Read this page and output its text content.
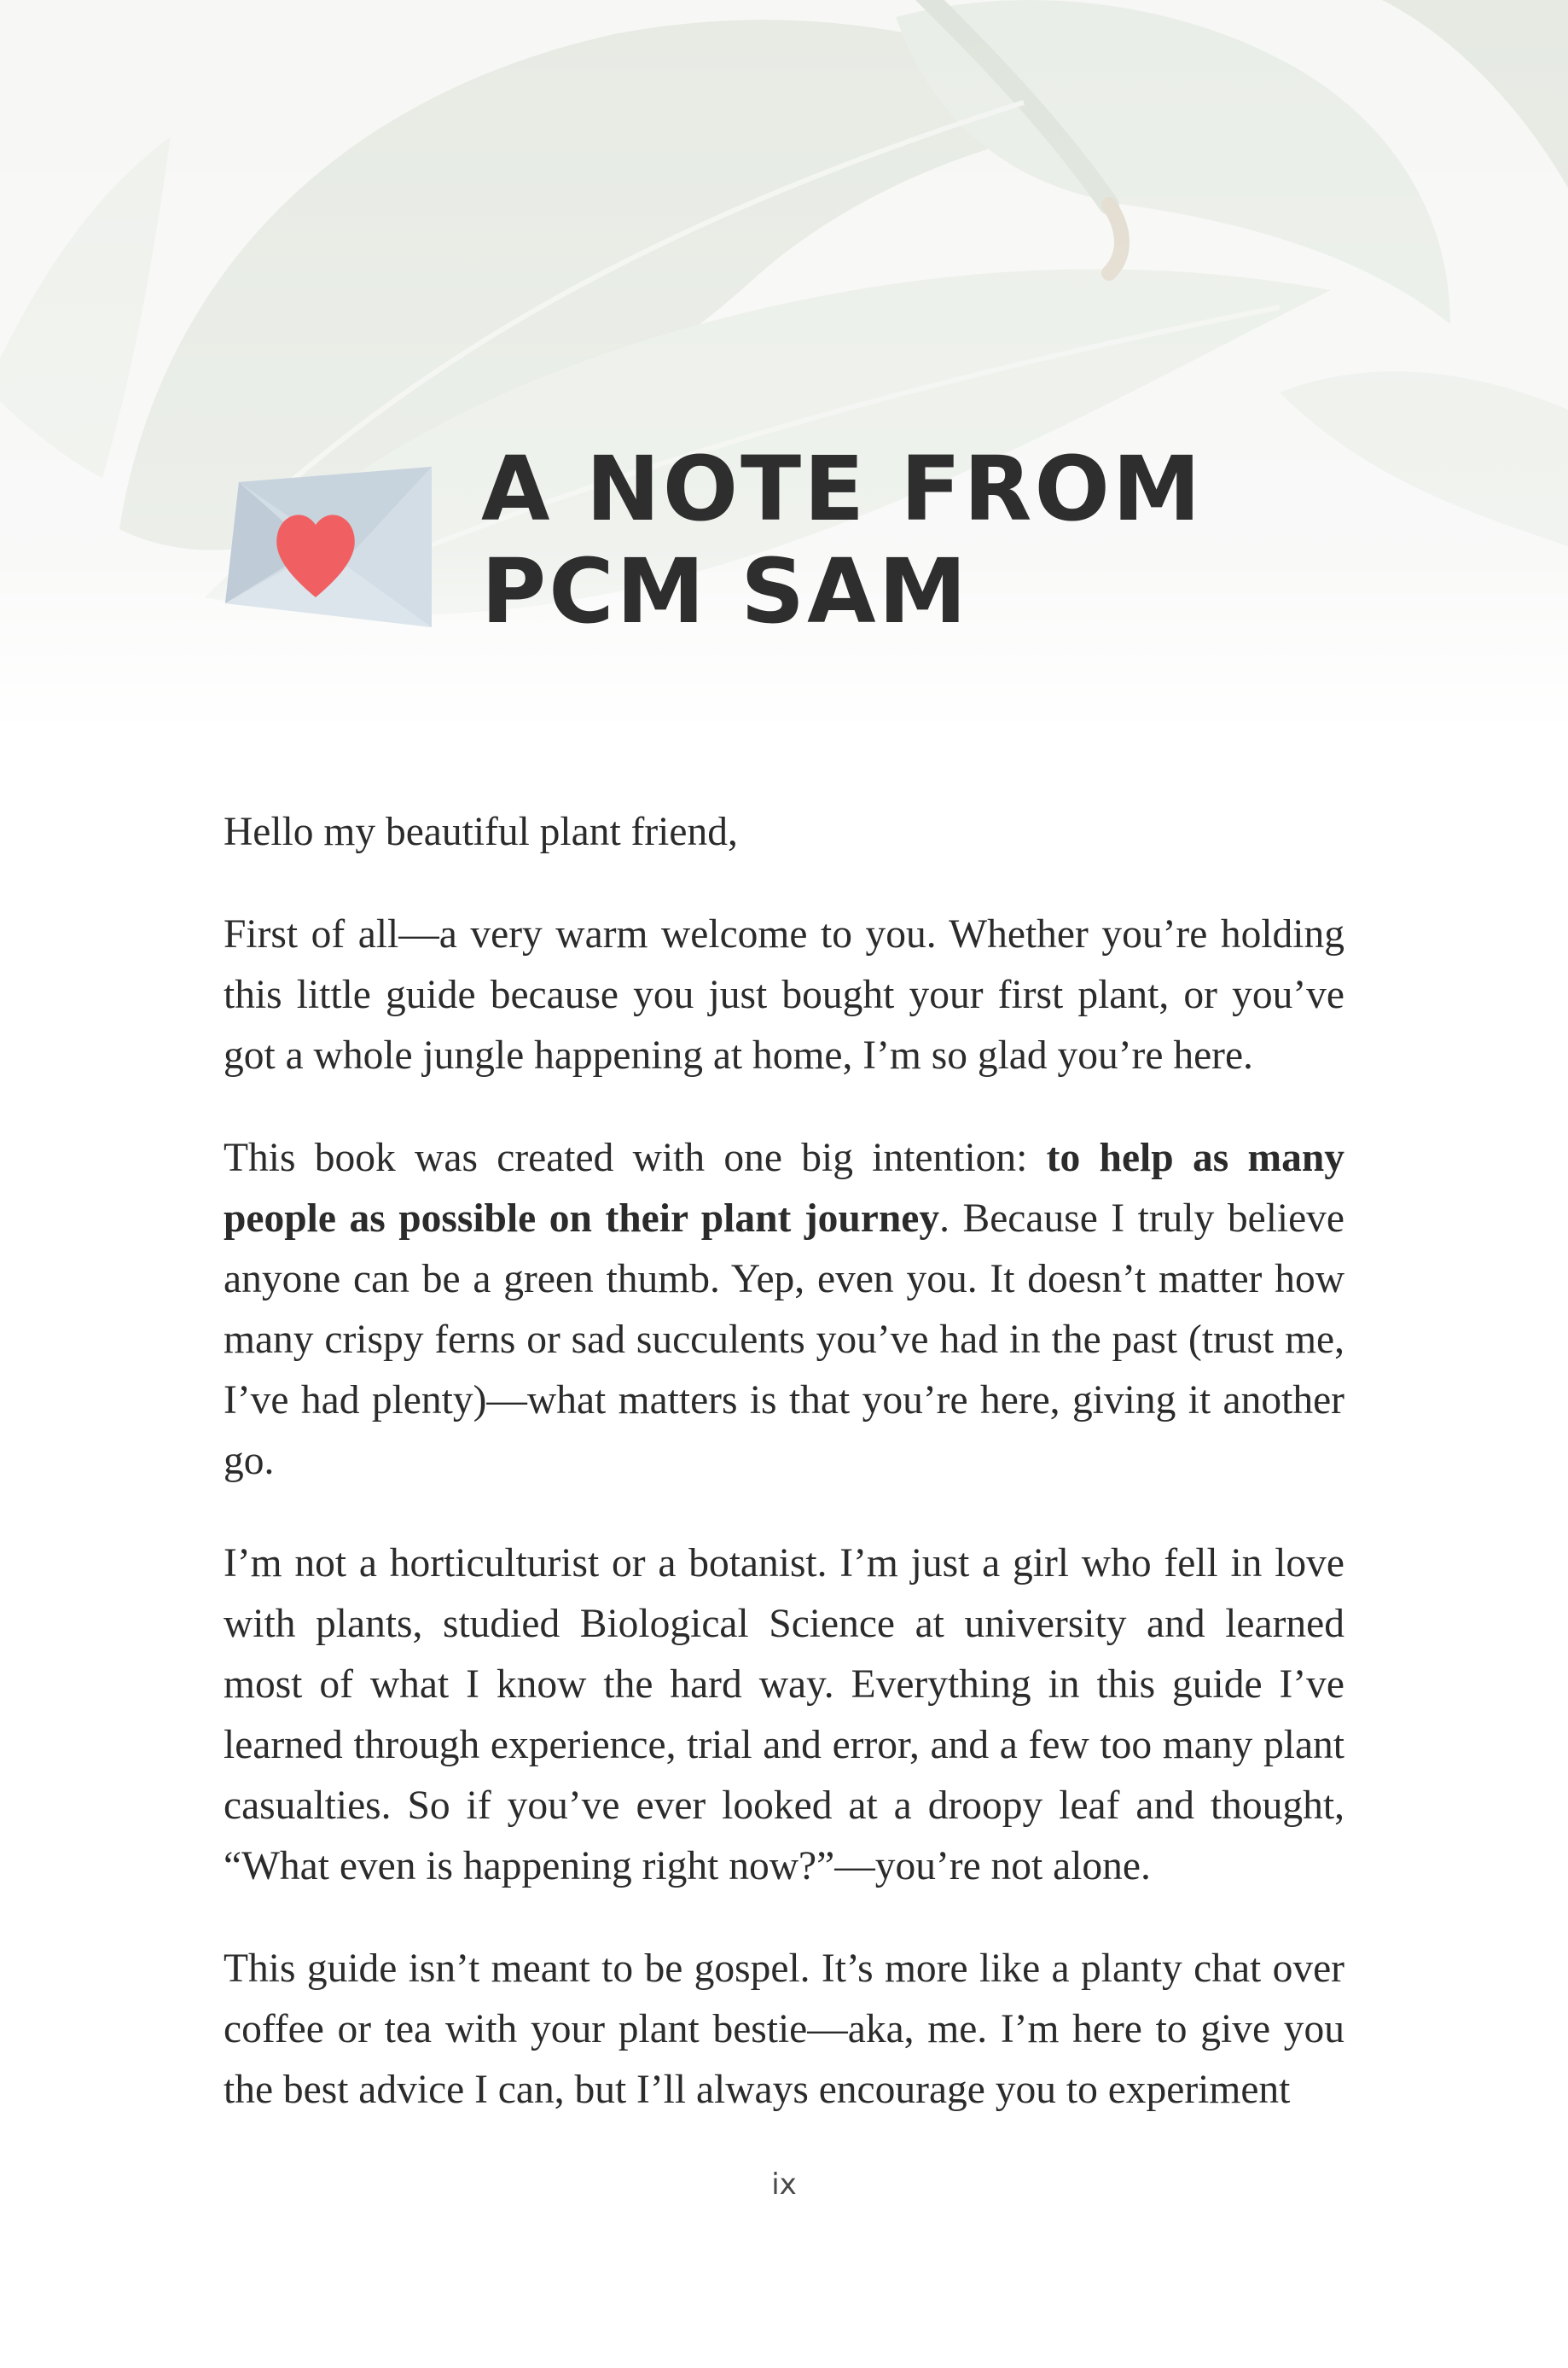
A NOTE FROM
PCM SAM

Hello my beautiful plant friend,

First of all—a very warm welcome to you. Whether you’re holding this little guide because you just bought your first plant, or you’ve got a whole jungle happening at home, I’m so glad you’re here.

This book was created with one big intention: to help as many people as possible on their plant journey. Because I truly believe anyone can be a green thumb. Yep, even you. It doesn’t matter how many crispy ferns or sad succulents you’ve had in the past (trust me, I’ve had plenty)—what matters is that you’re here, giving it another go.

I’m not a horticulturist or a botanist. I’m just a girl who fell in love with plants, studied Biological Science at university and learned most of what I know the hard way. Everything in this guide I’ve learned through experience, trial and error, and a few too many plant casualties. So if you’ve ever looked at a droopy leaf and thought, “What even is happening right now?”—you’re not alone.

This guide isn’t meant to be gospel. It’s more like a planty chat over coffee or tea with your plant bestie—aka, me. I’m here to give you the best advice I can, but I’ll always encourage you to experiment

ix
